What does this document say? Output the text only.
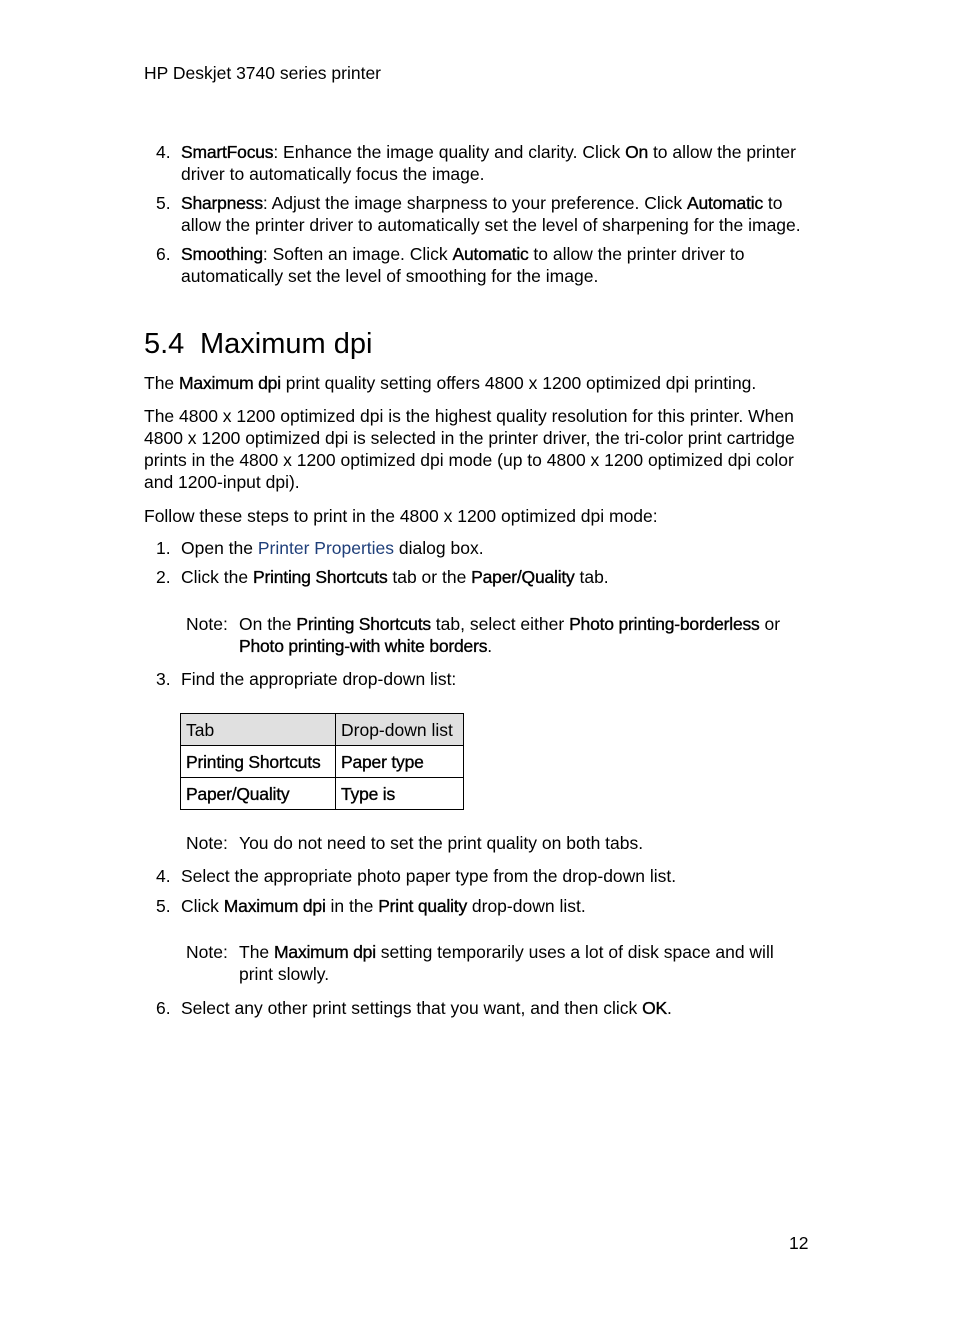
HP Deskjet 3740 series printer
4. SmartFocus: Enhance the image quality and clarity. Click On to allow the printer driver to automatically focus the image.
5. Sharpness: Adjust the image sharpness to your preference. Click Automatic to allow the printer driver to automatically set the level of sharpening for the image.
6. Smoothing: Soften an image. Click Automatic to allow the printer driver to automatically set the level of smoothing for the image.
5.4 Maximum dpi
The Maximum dpi print quality setting offers 4800 x 1200 optimized dpi printing.
The 4800 x 1200 optimized dpi is the highest quality resolution for this printer. When 4800 x 1200 optimized dpi is selected in the printer driver, the tri-color print cartridge prints in the 4800 x 1200 optimized dpi mode (up to 4800 x 1200 optimized dpi color and 1200-input dpi).
Follow these steps to print in the 4800 x 1200 optimized dpi mode:
1. Open the Printer Properties dialog box.
2. Click the Printing Shortcuts tab or the Paper/Quality tab.
Note: On the Printing Shortcuts tab, select either Photo printing-borderless or Photo printing-with white borders.
3. Find the appropriate drop-down list:
Tab	Drop-down list
Printing Shortcuts	Paper type
Paper/Quality	Type is
Note: You do not need to set the print quality on both tabs.
4. Select the appropriate photo paper type from the drop-down list.
5. Click Maximum dpi in the Print quality drop-down list.
Note: The Maximum dpi setting temporarily uses a lot of disk space and will print slowly.
6. Select any other print settings that you want, and then click OK.
12
